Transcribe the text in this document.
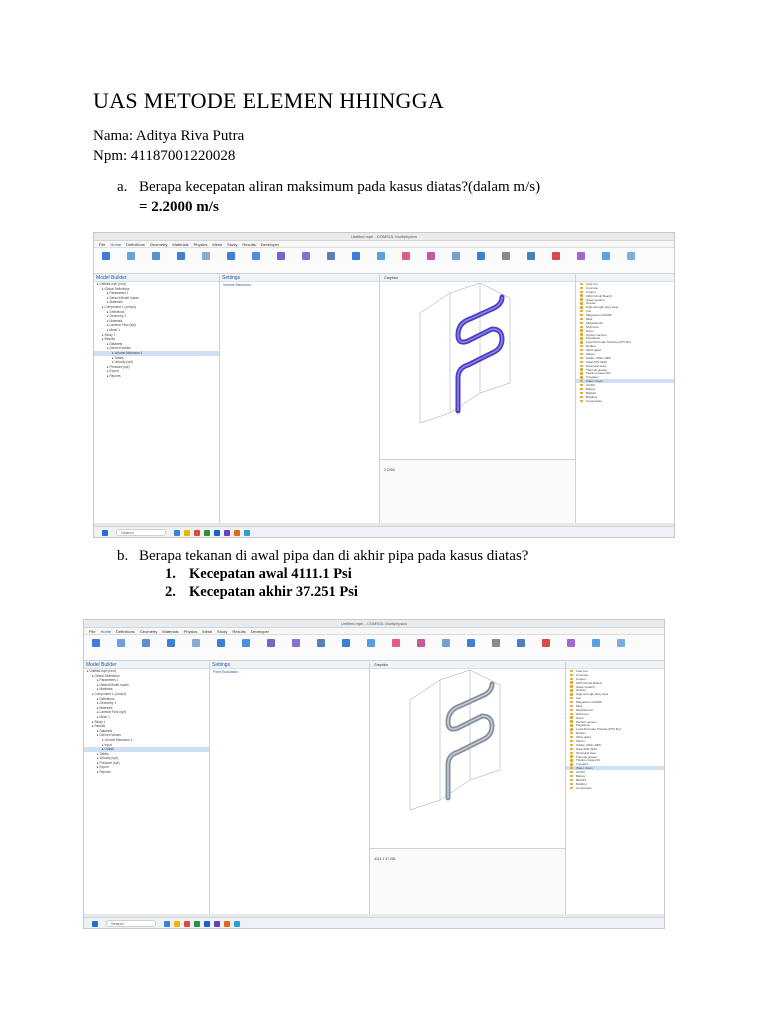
UAS METODE ELEMEN HHINGGA
Nama: Aditya Riva Putra
Npm: 41187001220028
a. Berapa kecepatan aliran maksimum pada kasus diatas?(dalam m/s)
= 2.2000 m/s
Untitled.mph - COMSOL Multiphysics
File Home Definitions Geometry Materials Physics Mesh Study Results Developer
Model Builder
▸ Untitled.mph (root)
▸ Global Definitions
▸ Parameters 1
▸ Default Model Inputs
▸ Materials
▸ Component 1 (comp1)
▸ Definitions
▸ Geometry 1
▸ Materials
▸ Laminar Flow (spf)
▸ Mesh 1
▸ Study 1
▸ Results
▸ Datasets
▸ Derived Values
▸ Volume Maximum 1
▸ Tables
▸ Velocity (spf)
▸ Pressure (spf)
▸ Export
▸ Reports
Settings
Volume Maximum
Graphics
2.2000
Cast iron
Concrete
Copper
FR4 (Circuit Board)
Glass (quartz)
Granite
High-strength alloy steel
Iron
Magnesium AZ31B
Mica
Molybdenum
Nichrome
Nylon
Perfect vacuum
Polysilicon
Lead Zirconate Titanate (PZT-5H)
Rubber
Silica glass
Silicon
Solder, 60Sn-40Pb
Steel AISI 4340
Structural steel
Thermal grease
Titanium beta-21S
Tungsten
Water, liquid
AC/DC
Battery
Biofluid
Building
Composites
Search
b. Berapa tekanan di awal pipa dan di akhir pipa pada kasus diatas?
1. Kecepatan awal 4111.1 Psi
2. Kecepatan akhir 37.251 Psi
Untitled.mph - COMSOL Multiphysics
File Home Definitions Geometry Materials Physics Mesh Study Results Developer
Model Builder
▸ Untitled.mph (root)
▸ Global Definitions
▸ Parameters 1
▸ Default Model Inputs
▸ Materials
▸ Component 1 (comp1)
▸ Definitions
▸ Geometry 1
▸ Materials
▸ Laminar Flow (spf)
▸ Mesh 1
▸ Study 1
▸ Results
▸ Datasets
▸ Derived Values
▸ Volume Maximum 1
▸ Input
▸ Output
▸ Tables
▸ Velocity (spf)
▸ Pressure (spf)
▸ Export
▸ Reports
Settings
Point Evaluation
Graphics
4111.1 37.251
Cast iron
Concrete
Copper
FR4 (Circuit Board)
Glass (quartz)
Granite
High-strength alloy steel
Iron
Magnesium AZ31B
Mica
Molybdenum
Nichrome
Nylon
Perfect vacuum
Polysilicon
Lead Zirconate Titanate (PZT-5H)
Rubber
Silica glass
Silicon
Solder, 60Sn-40Pb
Steel AISI 4340
Structural steel
Thermal grease
Titanium beta-21S
Tungsten
Water, liquid
AC/DC
Battery
Biofluid
Building
Composites
Search
